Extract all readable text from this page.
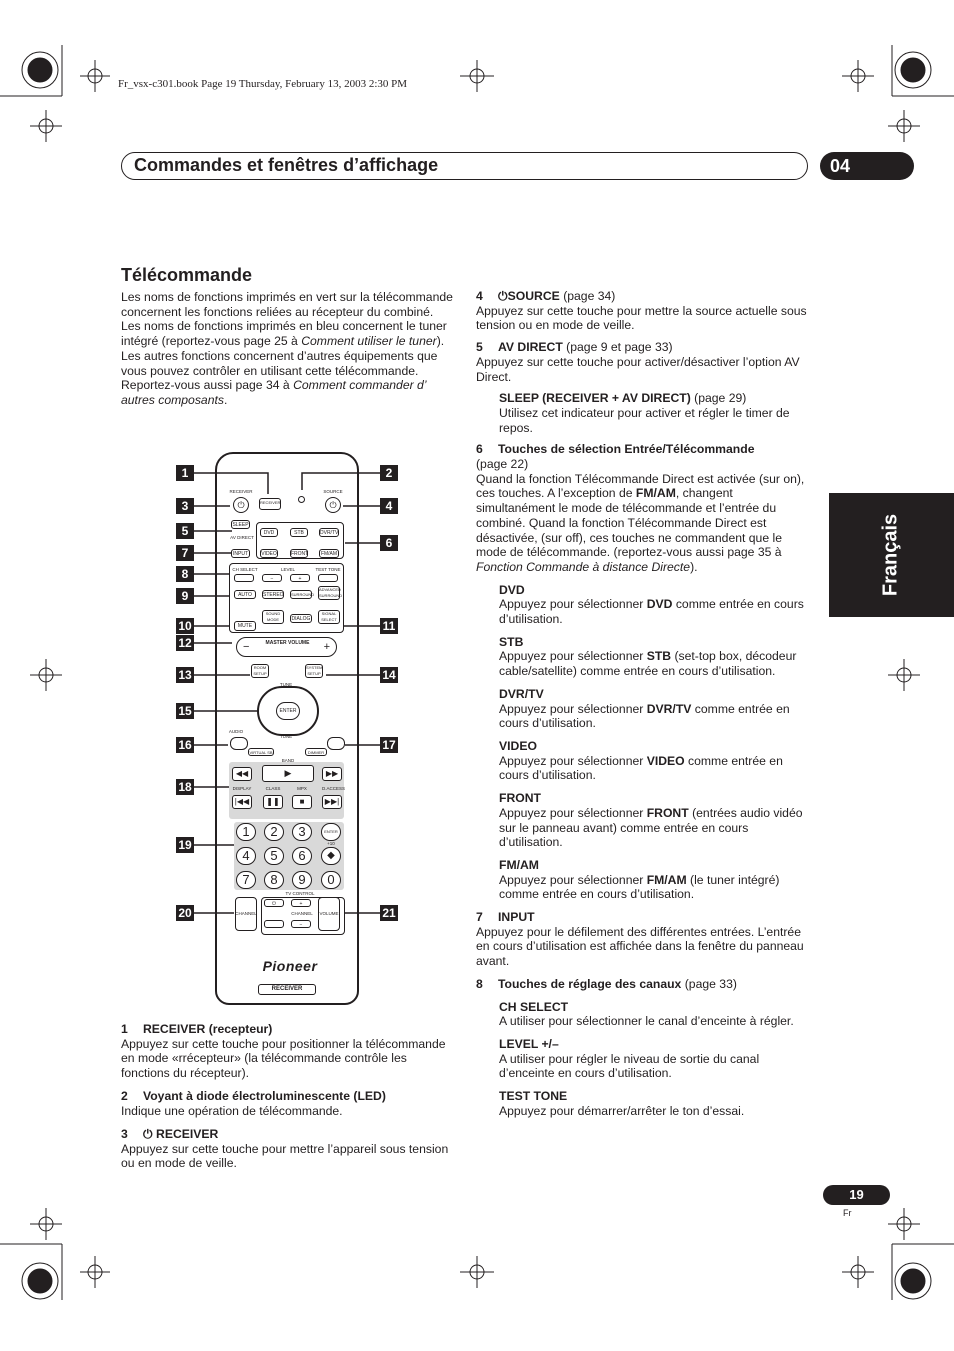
Fr_vsx-c301.book Page 19 Thursday, February 13, 2003 2:30 PM
Commandes et fenêtres d’affichage	04
Français
Télécommande
Les noms de fonctions imprimés en vert sur la télécommande concernent les fonctions reliées au récepteur du combiné. Les noms de fonctions imprimés en bleu concernent le tuner intégré (reportez-vous page 25 à Comment utiliser le tuner). Les autres fonctions concernent d’autres équipements que vous pouvez contrôler en utilisant cette télécommande. Reportez-vous aussi page 34 à Comment commander d’ autres composants.
1	2
3	4
5
6
7
8
9
10	11
12
13	14
15
16	17
18
19
20	21
RECEIVER
⏻	RECEIVER
SOURCE
⏻
SLEEP
AV DIRECT
INPUT
DVD	STB	DVR/TV
VIDEO	FRONT	FM/AM
CH SELECT	LEVEL	TEST TONE
−	+
AUTO	STEREO SURROUND
ADVANCED SURROUND
SOUND MODE	DIALOG
SIGNAL SELECT
MUTE
−	MASTER VOLUME +
ROOM SETUP
SYSTEM SETUP
TUNE
TUNE
ENTER
AUDIO
VIRTUAL SB	DIMMER
BAND
◀◀	▶	▶▶
DISPLAY	CLASS	MPX	D.ACCESS
|◀◀	❚❚	■	▶▶|
1	2	3	ENTER
4	5	6	◆
+10
7	8	9	0
TV CONTROL
CHANNEL
⏻	+
−
CHANNEL	VOLUME
Pioneer
RECEIVER
1 RECEIVER (recepteur)
Appuyez sur cette touche pour positionner la télécommande en mode «rrécepteur» (la télécommande contrôle les fonctions du récepteur).
2 Voyant à diode électroluminescente (LED)
Indique une opération de télécommande.
3 ⏻ RECEIVER
Appuyez sur cette touche pour mettre l’appareil sous tension ou en mode de veille.
4 ⏻SOURCE (page 34)
Appuyez sur cette touche pour mettre la source actuelle sous tension ou en mode de veille.
5 AV DIRECT (page 9 et page 33)
Appuyez sur cette touche pour activer/désactiver l’option AV Direct.
SLEEP (RECEIVER + AV DIRECT) (page 29)
Utilisez cet indicateur pour activer et régler le timer de repos.
6 Touches de sélection Entrée/Télécommande
(page 22)
Quand la fonction Télécommande Direct est activée (sur on), ces touches. A l’exception de FM/AM, changent simultanément le mode de télécommande et l’entrée du combiné. Quand la fonction Télécommande Direct est désactivée, (sur off), ces touches ne commandent que le mode de télécommande. (reportez-vous aussi page 35 à Fonction Commande à distance Directe).
DVD
Appuyez pour sélectionner DVD comme entrée en cours d’utilisation.
STB
Appuyez pour sélectionner STB (set-top box, décodeur cable/satellite) comme entrée en cours d’utilisation.
DVR/TV
Appuyez pour sélectionner DVR/TV comme entrée en cours d’utilisation.
VIDEO
Appuyez pour sélectionner VIDEO comme entrée en cours d’utilisation.
FRONT
Appuyez pour sélectionner FRONT (entrées audio vidéo sur le panneau avant) comme entrée en cours d’utilisation.
FM/AM
Appuyez pour sélectionner FM/AM (le tuner intégré) comme entrée en cours d’utilisation.
7 INPUT
Appuyez pour le défilement des différentes entrées. L’entrée en cours d’utilisation est affichée dans la fenêtre du panneau avant.
8 Touches de réglage des canaux (page 33)
CH SELECT
A utiliser pour sélectionner le canal d’enceinte à régler.
LEVEL +/–
A utiliser pour régler le niveau de sortie du canal d’enceinte en cours d’utilisation.
TEST TONE
Appuyez pour démarrer/arrêter le ton d’essai.
19
Fr
